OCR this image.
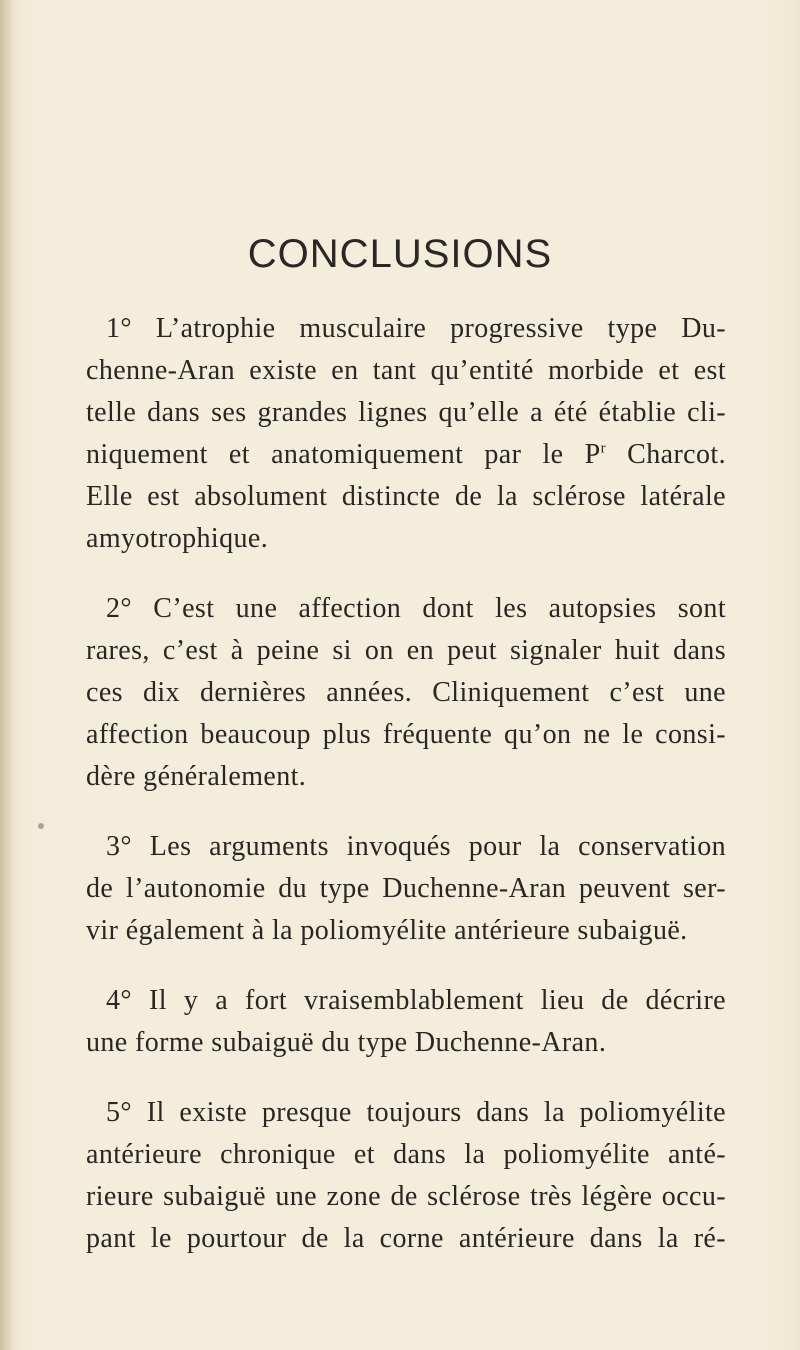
CONCLUSIONS

1° L’atrophie musculaire progressive type Du-
chenne-Aran existe en tant qu’entité morbide et est
telle dans ses grandes lignes qu’elle a été établie cli-
niquement et anatomiquement par le $P^r$ Charcot.
Elle est absolument distincte de la sclérose latérale
amyotrophique.

2° C’est une affection dont les autopsies sont
rares, c’est à peine si on en peut signaler huit dans
ces dix dernières années. Cliniquement c’est une
affection beaucoup plus fréquente qu’on ne le consi-
dère généralement.

3° Les arguments invoqués pour la conservation
de l’autonomie du type Duchenne-Aran peuvent ser-
vir également à la poliomyélite antérieure subaiguë.

4° Il y a fort vraisemblablement lieu de décrire
une forme subaiguë du type Duchenne-Aran.

5° Il existe presque toujours dans la poliomyélite
antérieure chronique et dans la poliomyélite anté-
rieure subaiguë une zone de sclérose très légère occu-
pant le pourtour de la corne antérieure dans la ré-
